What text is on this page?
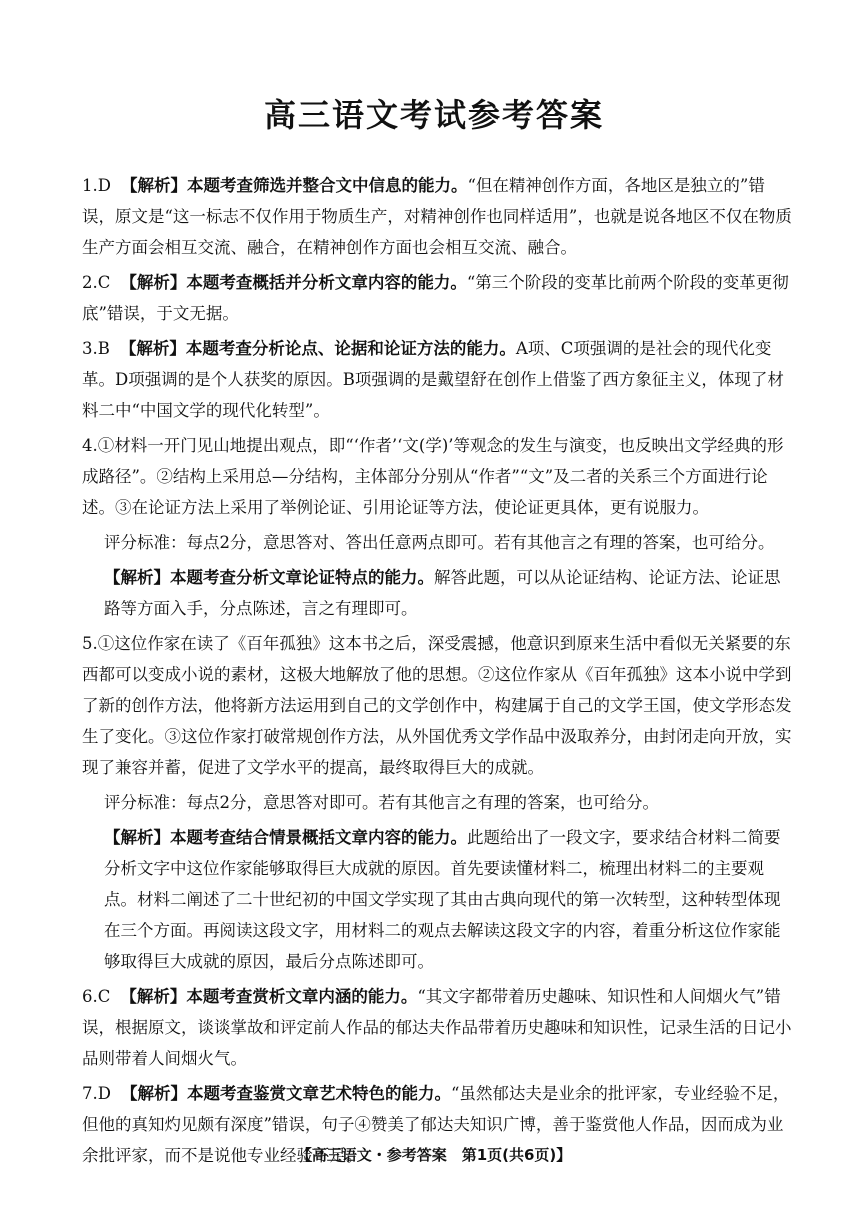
高三语文考试参考答案
1.D 【解析】本题考查筛选并整合文中信息的能力。“但在精神创作方面，各地区是独立的”错误，原文是“这一标志不仅作用于物质生产，对精神创作也同样适用”，也就是说各地区不仅在物质生产方面会相互交流、融合，在精神创作方面也会相互交流、融合。
2.C 【解析】本题考查概括并分析文章内容的能力。“第三个阶段的变革比前两个阶段的变革更彻底”错误，于文无据。
3.B 【解析】本题考查分析论点、论据和论证方法的能力。A项、C项强调的是社会的现代化变革。D项强调的是个人获奖的原因。B项强调的是戴望舒在创作上借鉴了西方象征主义，体现了材料二中“中国文学的现代化转型”。
4.①材料一开门见山地提出观点，即“‘作者’‘文(学)’等观念的发生与演变，也反映出文学经典的形成路径”。②结构上采用总—分结构，主体部分分别从“作者”“文”及二者的关系三个方面进行论述。③在论证方法上采用了举例论证、引用论证等方法，使论证更具体，更有说服力。
评分标准：每点2分，意思答对、答出任意两点即可。若有其他言之有理的答案，也可给分。
【解析】本题考查分析文章论证特点的能力。解答此题，可以从论证结构、论证方法、论证思路等方面入手，分点陈述，言之有理即可。
5.①这位作家在读了《百年孤独》这本书之后，深受震撼，他意识到原来生活中看似无关紧要的东西都可以变成小说的素材，这极大地解放了他的思想。②这位作家从《百年孤独》这本小说中学到了新的创作方法，他将新方法运用到自己的文学创作中，构建属于自己的文学王国，使文学形态发生了变化。③这位作家打破常规创作方法，从外国优秀文学作品中汲取养分，由封闭走向开放，实现了兼容并蓄，促进了文学水平的提高，最终取得巨大的成就。
评分标准：每点2分，意思答对即可。若有其他言之有理的答案，也可给分。
【解析】本题考查结合情景概括文章内容的能力。此题给出了一段文字，要求结合材料二简要分析文字中这位作家能够取得巨大成就的原因。首先要读懂材料二，梳理出材料二的主要观点。材料二阐述了二十世纪初的中国文学实现了其由古典向现代的第一次转型，这种转型体现在三个方面。再阅读这段文字，用材料二的观点去解读这段文字的内容，着重分析这位作家能够取得巨大成就的原因，最后分点陈述即可。
6.C 【解析】本题考查赏析文章内涵的能力。“其文字都带着历史趣味、知识性和人间烟火气”错误，根据原文，谈谈掌故和评定前人作品的郁达夫作品带着历史趣味和知识性，记录生活的日记小品则带着人间烟火气。
7.D 【解析】本题考查鉴赏文章艺术特色的能力。“虽然郁达夫是业余的批评家，专业经验不足，但他的真知灼见颇有深度”错误，句子④赞美了郁达夫知识广博，善于鉴赏他人作品，因而成为业余批评家，而不是说他专业经验不足。
【高三语文・参考答案　第1页(共6页)】
